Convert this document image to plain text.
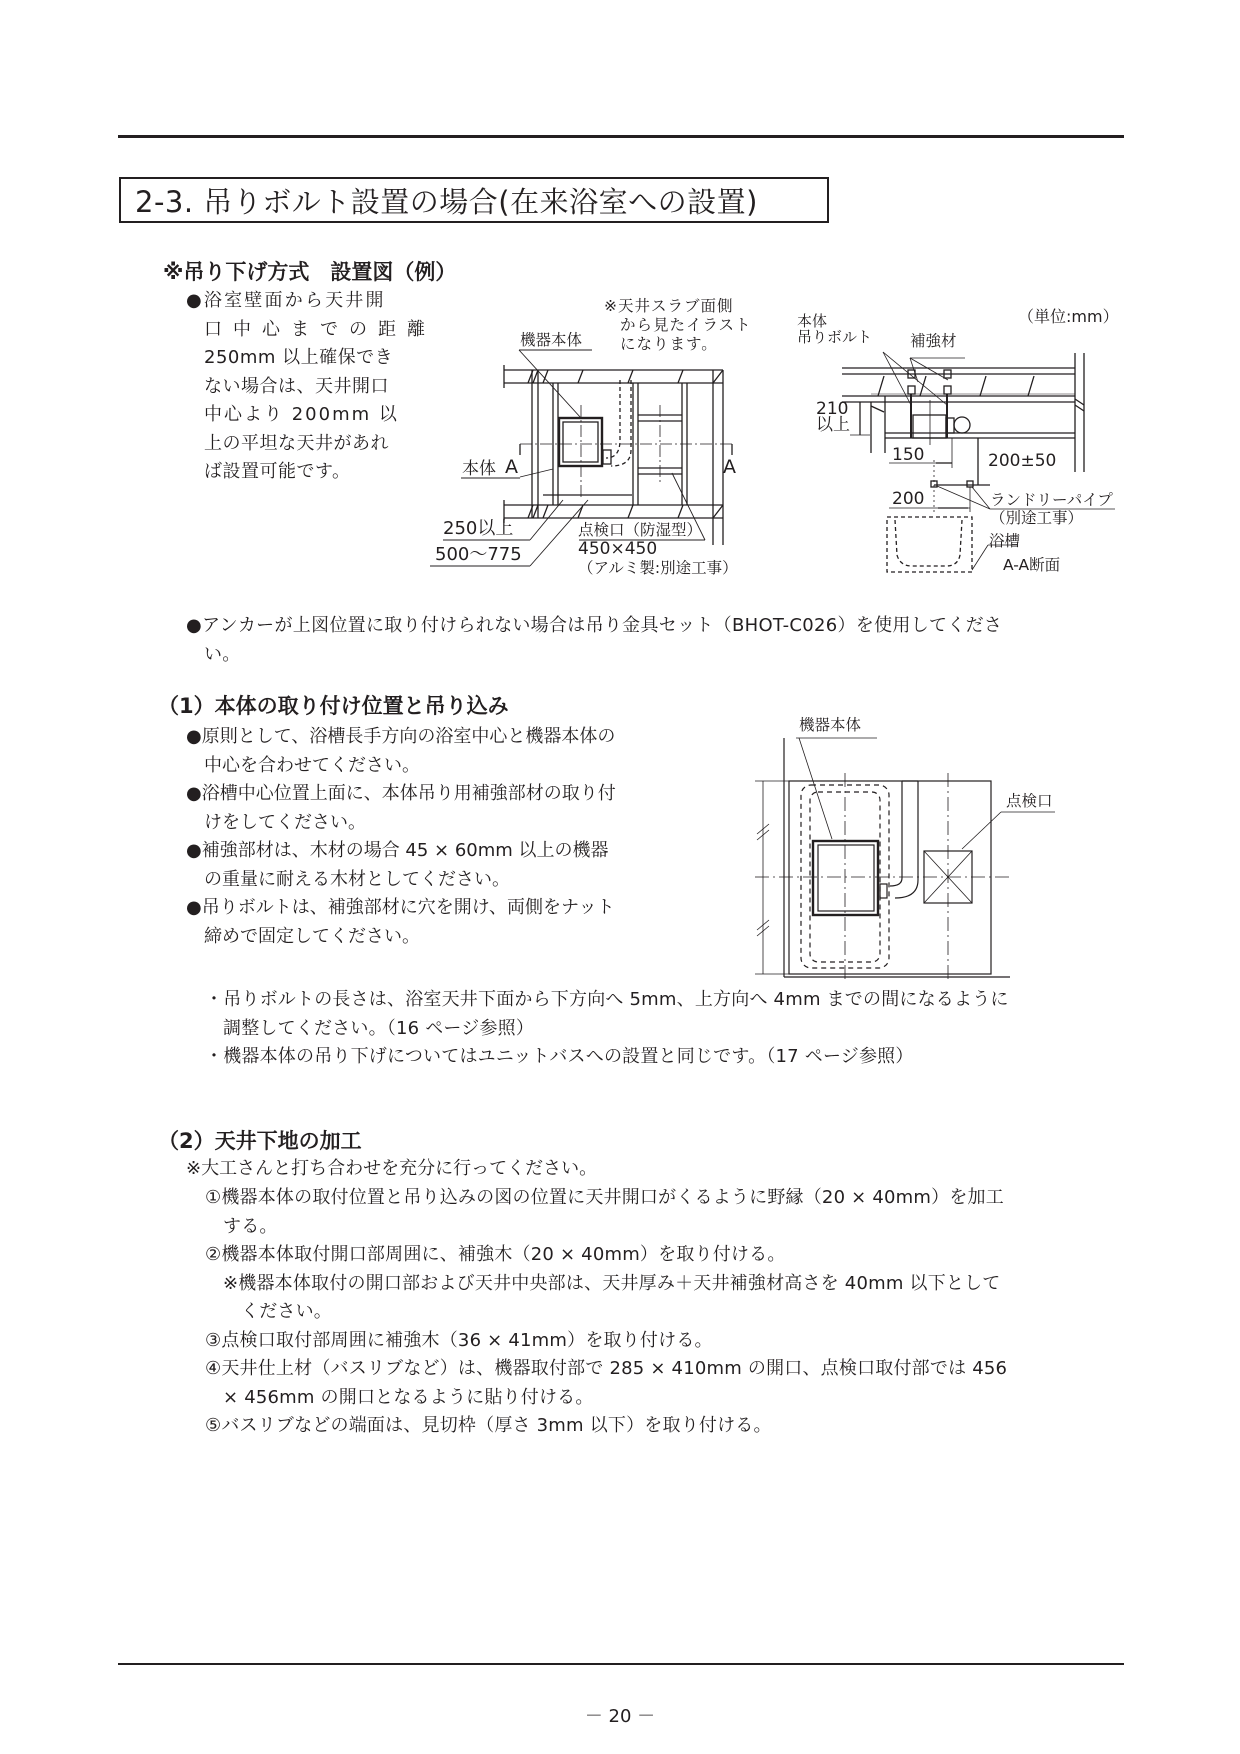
2-3. 吊りボルト設置の場合(在来浴室への設置)
※吊り下げ方式　設置図（例）
●浴室壁面から天井開
口中心までの距離
250mm 以上確保でき
ない場合は、天井開口
中心より 200mm 以
上の平坦な天井があれ
ば設置可能です。
※天井スラブ面側
から見たイラスト
になります。
機器本体
本体 A	A
250以上
500〜775
点検口（防湿型）
450×450
（アルミ製:別途工事）
（単位:mm）
本体
吊りボルト 補強材
210
以上
150	200±50
200	ランドリーパイプ
（別途工事）
浴槽
A-A断面
●アンカーが上図位置に取り付けられない場合は吊り金具セット（BHOT-C026）を使用してくださ
い。
（1）本体の取り付け位置と吊り込み
●原則として、浴槽長手方向の浴室中心と機器本体の
中心を合わせてください。
●浴槽中心位置上面に、本体吊り用補強部材の取り付
けをしてください。
●補強部材は、木材の場合 45 × 60mm 以上の機器
の重量に耐える木材としてください。
●吊りボルトは、補強部材に穴を開け、両側をナット
締めで固定してください。
機器本体
点検口
・吊りボルトの長さは、浴室天井下面から下方向へ 5mm、上方向へ 4mm までの間になるように
調整してください。（16 ページ参照）
・機器本体の吊り下げについてはユニットバスへの設置と同じです。（17 ページ参照）
（2）天井下地の加工
※大工さんと打ち合わせを充分に行ってください。
①機器本体の取付位置と吊り込みの図の位置に天井開口がくるように野縁（20 × 40mm）を加工
する。
②機器本体取付開口部周囲に、補強木（20 × 40mm）を取り付ける。
※機器本体取付の開口部および天井中央部は、天井厚み＋天井補強材高さを 40mm 以下として
ください。
③点検口取付部周囲に補強木（36 × 41mm）を取り付ける。
④天井仕上材（バスリブなど）は、機器取付部で 285 × 410mm の開口、点検口取付部では 456
× 456mm の開口となるように貼り付ける。
⑤バスリブなどの端面は、見切枠（厚さ 3mm 以下）を取り付ける。
－ 20 －
